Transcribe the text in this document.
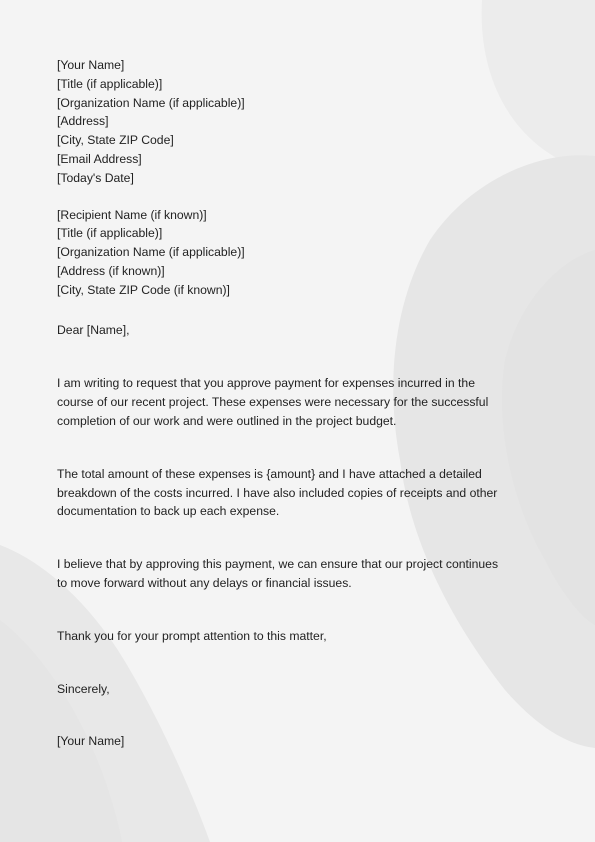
[Your Name]
[Title (if applicable)]
[Organization Name (if applicable)]
[Address]
[City, State ZIP Code]
[Email Address]
[Today's Date]
[Recipient Name (if known)]
[Title (if applicable)]
[Organization Name (if applicable)]
[Address (if known)]
[City, State ZIP Code (if known)]
Dear [Name],
I am writing to request that you approve payment for expenses incurred in the
course of our recent project. These expenses were necessary for the successful
completion of our work and were outlined in the project budget.
The total amount of these expenses is {amount} and I have attached a detailed
breakdown of the costs incurred. I have also included copies of receipts and other
documentation to back up each expense.
I believe that by approving this payment, we can ensure that our project continues
to move forward without any delays or financial issues.
Thank you for your prompt attention to this matter,
Sincerely,
[Your Name]
